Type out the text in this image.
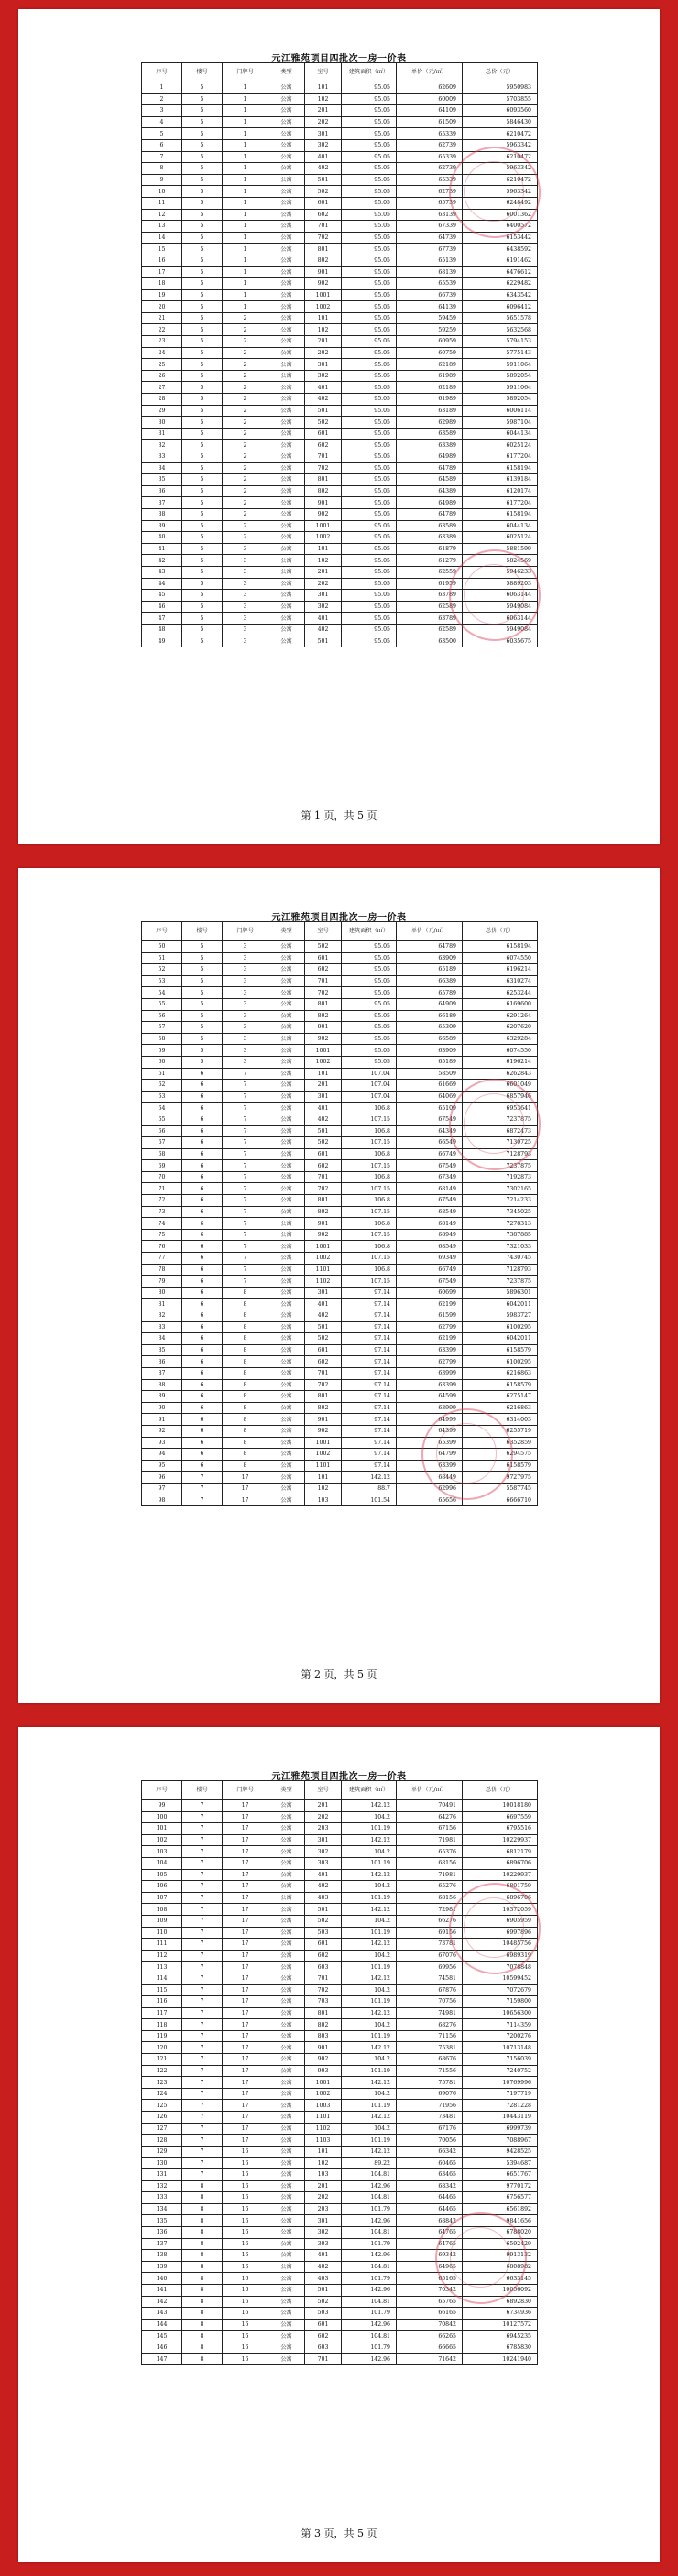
元江雅苑项目四批次一房一价表
序号	楼号	门牌号	类型	室号	建筑面积（㎡）	单价（元/㎡）	总价（元）
1	5	1	公寓	101	95.05	62609	5950983
2	5	1	公寓	102	95.05	60009	5703855
3	5	1	公寓	201	95.05	64109	6093560
4	5	1	公寓	202	95.05	61509	5846430
5	5	1	公寓	301	95.05	65339	6210472
6	5	1	公寓	302	95.05	62739	5963342
7	5	1	公寓	401	95.05	65339	6210472
8	5	1	公寓	402	95.05	62739	5963342
9	5	1	公寓	501	95.05	65339	6210472
10	5	1	公寓	502	95.05	62739	5963342
11	5	1	公寓	601	95.05	65739	6248492
12	5	1	公寓	602	95.05	63139	6001362
13	5	1	公寓	701	95.05	67339	6400572
14	5	1	公寓	702	95.05	64739	6153442
15	5	1	公寓	801	95.05	67739	6438592
16	5	1	公寓	802	95.05	65139	6191462
17	5	1	公寓	901	95.05	68139	6476612
18	5	1	公寓	902	95.05	65539	6229482
19	5	1	公寓	1001	95.05	66739	6343542
20	5	1	公寓	1002	95.05	64139	6096412
21	5	2	公寓	101	95.05	59459	5651578
22	5	2	公寓	102	95.05	59259	5632568
23	5	2	公寓	201	95.05	60959	5794153
24	5	2	公寓	202	95.05	60759	5775143
25	5	2	公寓	301	95.05	62189	5911064
26	5	2	公寓	302	95.05	61989	5892054
27	5	2	公寓	401	95.05	62189	5911064
28	5	2	公寓	402	95.05	61989	5892054
29	5	2	公寓	501	95.05	63189	6006114
30	5	2	公寓	502	95.05	62989	5987104
31	5	2	公寓	601	95.05	63589	6044134
32	5	2	公寓	602	95.05	63389	6025124
33	5	2	公寓	701	95.05	64989	6177204
34	5	2	公寓	702	95.05	64789	6158194
35	5	2	公寓	801	95.05	64589	6139184
36	5	2	公寓	802	95.05	64389	6120174
37	5	2	公寓	901	95.05	64989	6177204
38	5	2	公寓	902	95.05	64789	6158194
39	5	2	公寓	1001	95.05	63589	6044134
40	5	2	公寓	1002	95.05	63389	6025124
41	5	3	公寓	101	95.05	61879	5881599
42	5	3	公寓	102	95.05	61279	5824569
43	5	3	公寓	201	95.05	62559	5946233
44	5	3	公寓	202	95.05	61959	5889203
45	5	3	公寓	301	95.05	63789	6063144
46	5	3	公寓	302	95.05	62589	5949084
47	5	3	公寓	401	95.05	63789	6063144
48	5	3	公寓	402	95.05	62589	5949084
49	5	3	公寓	501	95.05	63500	6035675
第 1 页，共 5 页
元江雅苑项目四批次一房一价表
序号	楼号	门牌号	类型	室号	建筑面积（㎡）	单价（元/㎡）	总价（元）
50	5	3	公寓	502	95.05	64789	6158194
51	5	3	公寓	601	95.05	63909	6074550
52	5	3	公寓	602	95.05	65189	6196214
53	5	3	公寓	701	95.05	66389	6310274
54	5	3	公寓	702	95.05	65789	6253244
55	5	3	公寓	801	95.05	64909	6169600
56	5	3	公寓	802	95.05	66189	6291264
57	5	3	公寓	901	95.05	65309	6207620
58	5	3	公寓	902	95.05	66589	6329284
59	5	3	公寓	1001	95.05	63909	6074550
60	5	3	公寓	1002	95.05	65189	6196214
61	6	7	公寓	101	107.04	58509	6262843
62	6	7	公寓	201	107.04	61669	6601049
63	6	7	公寓	301	107.04	64069	6857946
64	6	7	公寓	401	106.8	65109	6953641
65	6	7	公寓	402	107.15	67549	7237875
66	6	7	公寓	501	106.8	64349	6872473
67	6	7	公寓	502	107.15	66549	7130725
68	6	7	公寓	601	106.8	66749	7128793
69	6	7	公寓	602	107.15	67549	7237875
70	6	7	公寓	701	106.8	67349	7192873
71	6	7	公寓	702	107.15	68149	7302165
72	6	7	公寓	801	106.8	67549	7214233
73	6	7	公寓	802	107.15	68549	7345025
74	6	7	公寓	901	106.8	68149	7278313
75	6	7	公寓	902	107.15	68949	7387885
76	6	7	公寓	1001	106.8	68549	7321033
77	6	7	公寓	1002	107.15	69349	7430745
78	6	7	公寓	1101	106.8	66749	7128793
79	6	7	公寓	1102	107.15	67549	7237875
80	6	8	公寓	301	97.14	60699	5896301
81	6	8	公寓	401	97.14	62199	6042011
82	6	8	公寓	402	97.14	61599	5983727
83	6	8	公寓	501	97.14	62799	6100295
84	6	8	公寓	502	97.14	62199	6042011
85	6	8	公寓	601	97.14	63399	6158579
86	6	8	公寓	602	97.14	62799	6100295
87	6	8	公寓	701	97.14	63999	6216863
88	6	8	公寓	702	97.14	63399	6158579
89	6	8	公寓	801	97.14	64599	6275147
90	6	8	公寓	802	97.14	63999	6216863
91	6	8	公寓	901	97.14	64999	6314003
92	6	8	公寓	902	97.14	64399	6255719
93	6	8	公寓	1001	97.14	65399	6352859
94	6	8	公寓	1002	97.14	64799	6294575
95	6	8	公寓	1101	97.14	63399	6158579
96	7	17	公寓	101	142.12	68449	9727975
97	7	17	公寓	102	88.7	62996	5587745
98	7	17	公寓	103	101.54	65656	6666710
第 2 页，共 5 页
元江雅苑项目四批次一房一价表
序号	楼号	门牌号	类型	室号	建筑面积（㎡）	单价（元/㎡）	总价（元）
99	7	17	公寓	201	142.12	70491	10018180
100	7	17	公寓	202	104.2	64276	6697559
101	7	17	公寓	203	101.19	67156	6795516
102	7	17	公寓	301	142.12	71981	10229937
103	7	17	公寓	302	104.2	65376	6812179
104	7	17	公寓	303	101.19	68156	6896706
105	7	17	公寓	401	142.12	71981	10229937
106	7	17	公寓	402	104.2	65276	6801759
107	7	17	公寓	403	101.19	68156	6896706
108	7	17	公寓	501	142.12	72981	10372059
109	7	17	公寓	502	104.2	66276	6905959
110	7	17	公寓	503	101.19	69156	6997896
111	7	17	公寓	601	142.12	73781	10485756
112	7	17	公寓	602	104.2	67076	6989319
113	7	17	公寓	603	101.19	69956	7078848
114	7	17	公寓	701	142.12	74581	10599452
115	7	17	公寓	702	104.2	67876	7072679
116	7	17	公寓	703	101.19	70756	7159800
117	7	17	公寓	801	142.12	74981	10656300
118	7	17	公寓	802	104.2	68276	7114359
119	7	17	公寓	803	101.19	71156	7200276
120	7	17	公寓	901	142.12	75381	10713148
121	7	17	公寓	902	104.2	68676	7156039
122	7	17	公寓	903	101.19	71556	7240752
123	7	17	公寓	1001	142.12	75781	10769996
124	7	17	公寓	1002	104.2	69076	7197719
125	7	17	公寓	1003	101.19	71956	7281228
126	7	17	公寓	1101	142.12	73481	10443119
127	7	17	公寓	1102	104.2	67176	6999739
128	7	17	公寓	1103	101.19	70056	7088967
129	7	16	公寓	101	142.12	66342	9428525
130	7	16	公寓	102	89.22	60465	5394687
131	7	16	公寓	103	104.81	63465	6651767
132	8	16	公寓	201	142.96	68342	9770172
133	8	16	公寓	202	104.81	64465	6756577
134	8	16	公寓	203	101.79	64465	6561892
135	8	16	公寓	301	142.96	68842	9841656
136	8	16	公寓	302	104.81	64765	6788020
137	8	16	公寓	303	101.79	64765	6592429
138	8	16	公寓	401	142.96	69342	9913132
139	8	16	公寓	402	104.81	64965	6808982
140	8	16	公寓	403	101.79	65165	6633145
141	8	16	公寓	501	142.96	70342	10056092
142	8	16	公寓	502	104.81	65765	6892830
143	8	16	公寓	503	101.79	66165	6734936
144	8	16	公寓	601	142.96	70842	10127572
145	8	16	公寓	602	104.81	66265	6945235
146	8	16	公寓	603	101.79	66665	6785830
147	8	16	公寓	701	142.96	71642	10241940
第 3 页，共 5 页
